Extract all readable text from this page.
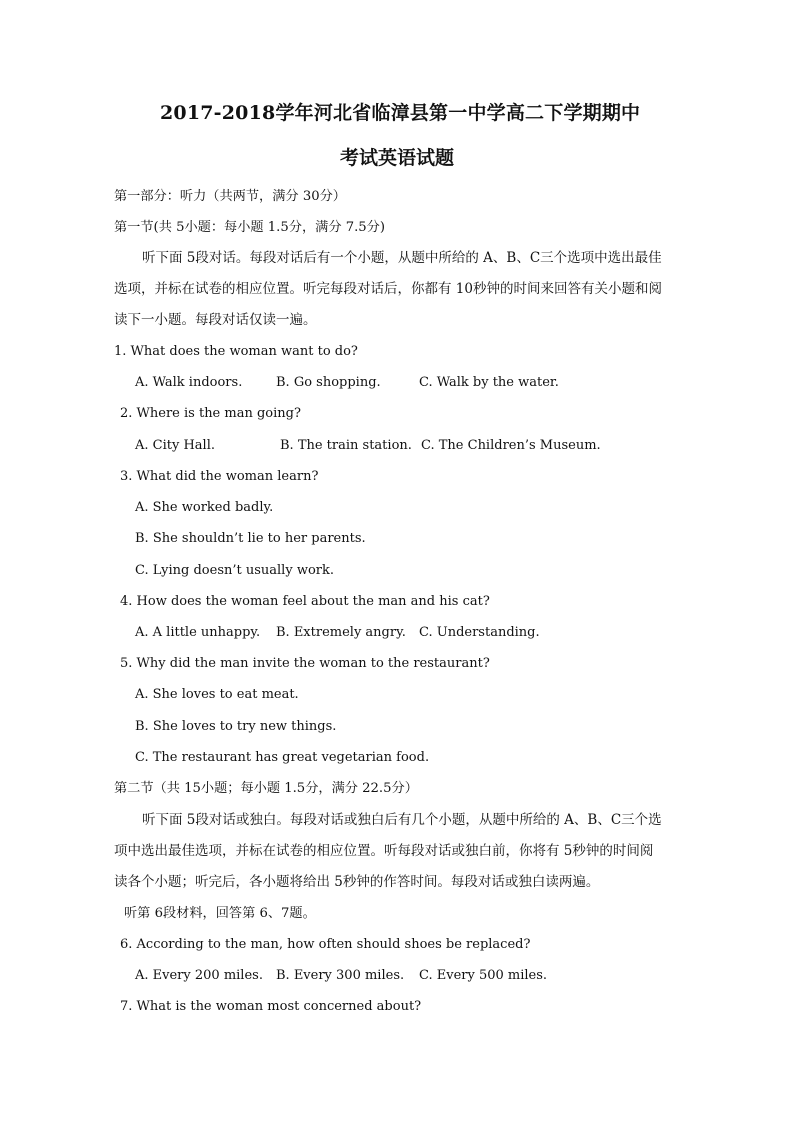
2017-2018学年河北省临漳县第一中学高二下学期期中
考试英语试题
第一部分：听力（共两节，满分 30分）
第一节(共 5小题：每小题 1.5分，满分 7.5分)
听下面 5段对话。每段对话后有一个小题，从题中所给的 A、B、C三个选项中选出最佳
选项，并标在试卷的相应位置。听完每段对话后，你都有 10秒钟的时间来回答有关小题和阅
读下一小题。每段对话仅读一遍。
1. What does the woman want to do?
A. Walk indoors.	B. Go shopping.	C. Walk by the water.
2. Where is the man going?
A. City Hall.	B. The train station. C. The Children’s Museum.
3. What did the woman learn?
A. She worked badly.
B. She shouldn’t lie to her parents.
C. Lying doesn’t usually work.
4. How does the woman feel about the man and his cat?
A. A little unhappy. B. Extremely angry. C. Understanding.
5. Why did the man invite the woman to the restaurant?
A. She loves to eat meat.
B. She loves to try new things.
C. The restaurant has great vegetarian food.
第二节（共 15小题；每小题 1.5分，满分 22.5分）
听下面 5段对话或独白。每段对话或独白后有几个小题，从题中所给的 A、B、C三个选
项中选出最佳选项，并标在试卷的相应位置。听每段对话或独白前，你将有 5秒钟的时间阅
读各个小题；听完后，各小题将给出 5秒钟的作答时间。每段对话或独白读两遍。
听第 6段材料，回答第 6、7题。
6. According to the man, how often should shoes be replaced?
A. Every 200 miles. B. Every 300 miles. C. Every 500 miles.
7. What is the woman most concerned about?
